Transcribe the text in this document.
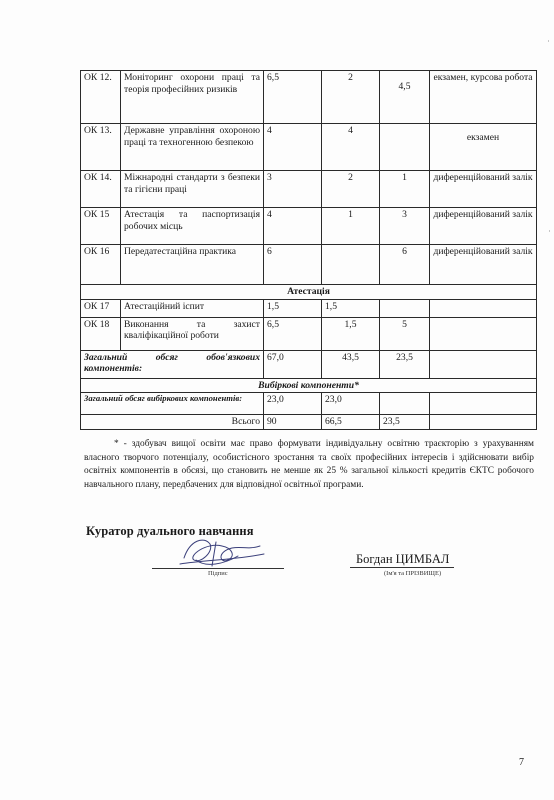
ОК 12.	Моніторинг охорони праці та теорія професійних ризиків	6,5	2	4,5	екзамен, курсова робота
ОК 13.	Державне управління охороною праці та техногенною безпекою	4	4		екзамен
ОК 14.	Міжнародні стандарти з безпеки та гігієни праці	3	2	1	диференційований залік
ОК 15	Атестація та паспортизація робочих місць	4	1	3	диференційований залік
ОК 16	Передатестаційна практика	6		6	диференційований залік
Атестація					
ОК 17	Атестаційний іспит	1,5	1,5		
ОК 18	Виконання та захист кваліфікаційної роботи	6,5	1,5	5	
Загальний обсяг обов'язкових компонентів:		67,0	43,5	23,5	
Вибіркові компоненти*					
Загальний обсяг вибіркових компонентів:		23,0	23,0		
Всього		90	66,5	23,5	
* - здобувач вищої освіти має право формувати індивідуальну освітню траєкторію з урахуванням власного творчого потенціалу, особистісного зростання та своїх професійних інтересів і здійснювати вибір освітніх компонентів в обсязі, що становить не менше як 25 % загальної кількості кредитів ЄКТС робочого навчального плану, передбачених для відповідної освітньої програми.
Куратор дуального навчання
Підпис
Богдан ЦИМБАЛ
(Ім'я та ПРІЗВИЩЕ)
7
